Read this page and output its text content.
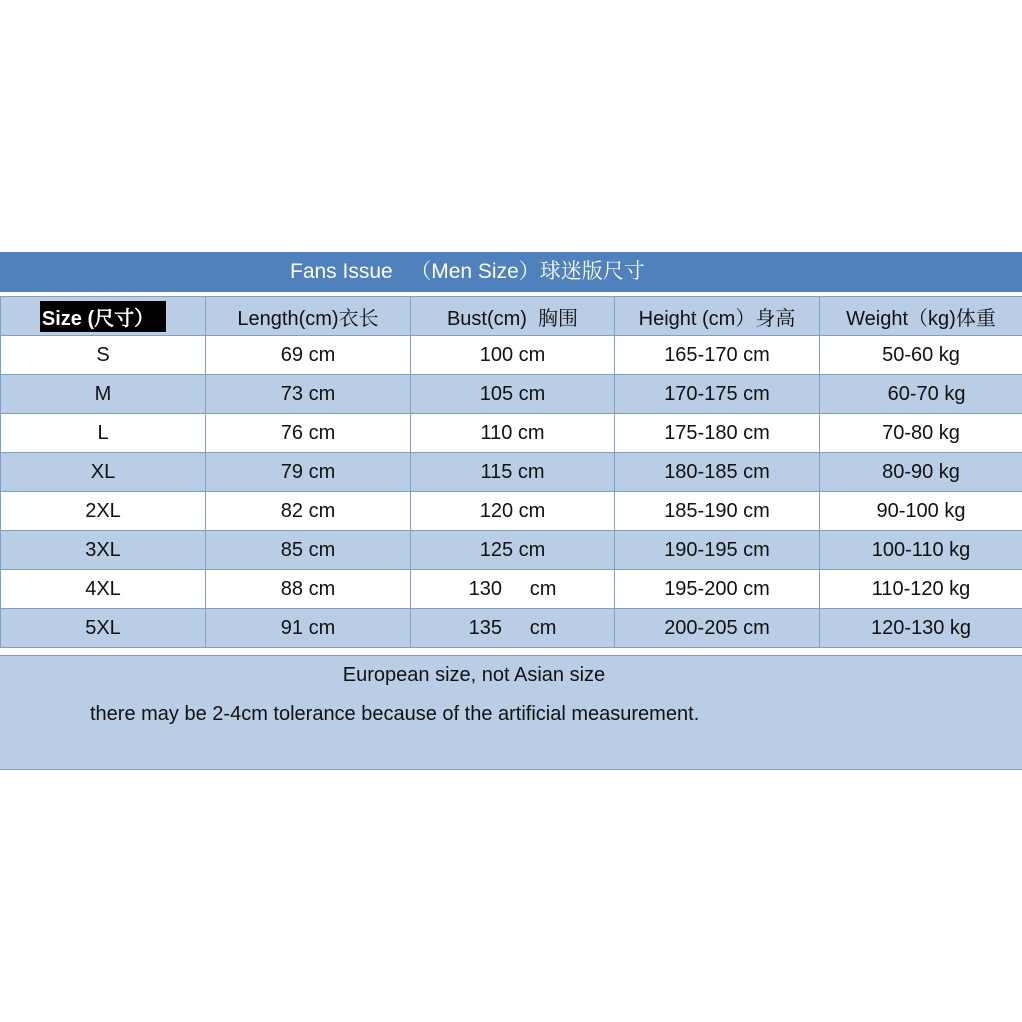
Fans Issue   （Men Size）球迷版尺寸
Size (尺寸）	Length(cm)衣长	Bust(cm)  胸围	Height (cm）身高	Weight（kg)体重
S	69 cm	100 cm	165-170 cm	50-60 kg
M	73 cm	105 cm	170-175 cm	60-70 kg
L	76 cm	110 cm	175-180 cm	70-80 kg
XL	79 cm	115 cm	180-185 cm	80-90 kg
2XL	82 cm	120 cm	185-190 cm	90-100 kg
3XL	85 cm	125 cm	190-195 cm	100-110 kg
4XL	88 cm	130     cm	195-200 cm	110-120 kg
5XL	91 cm	135     cm	200-205 cm	120-130 kg
European size, not Asian size
there may be 2-4cm tolerance because of the artificial measurement.
